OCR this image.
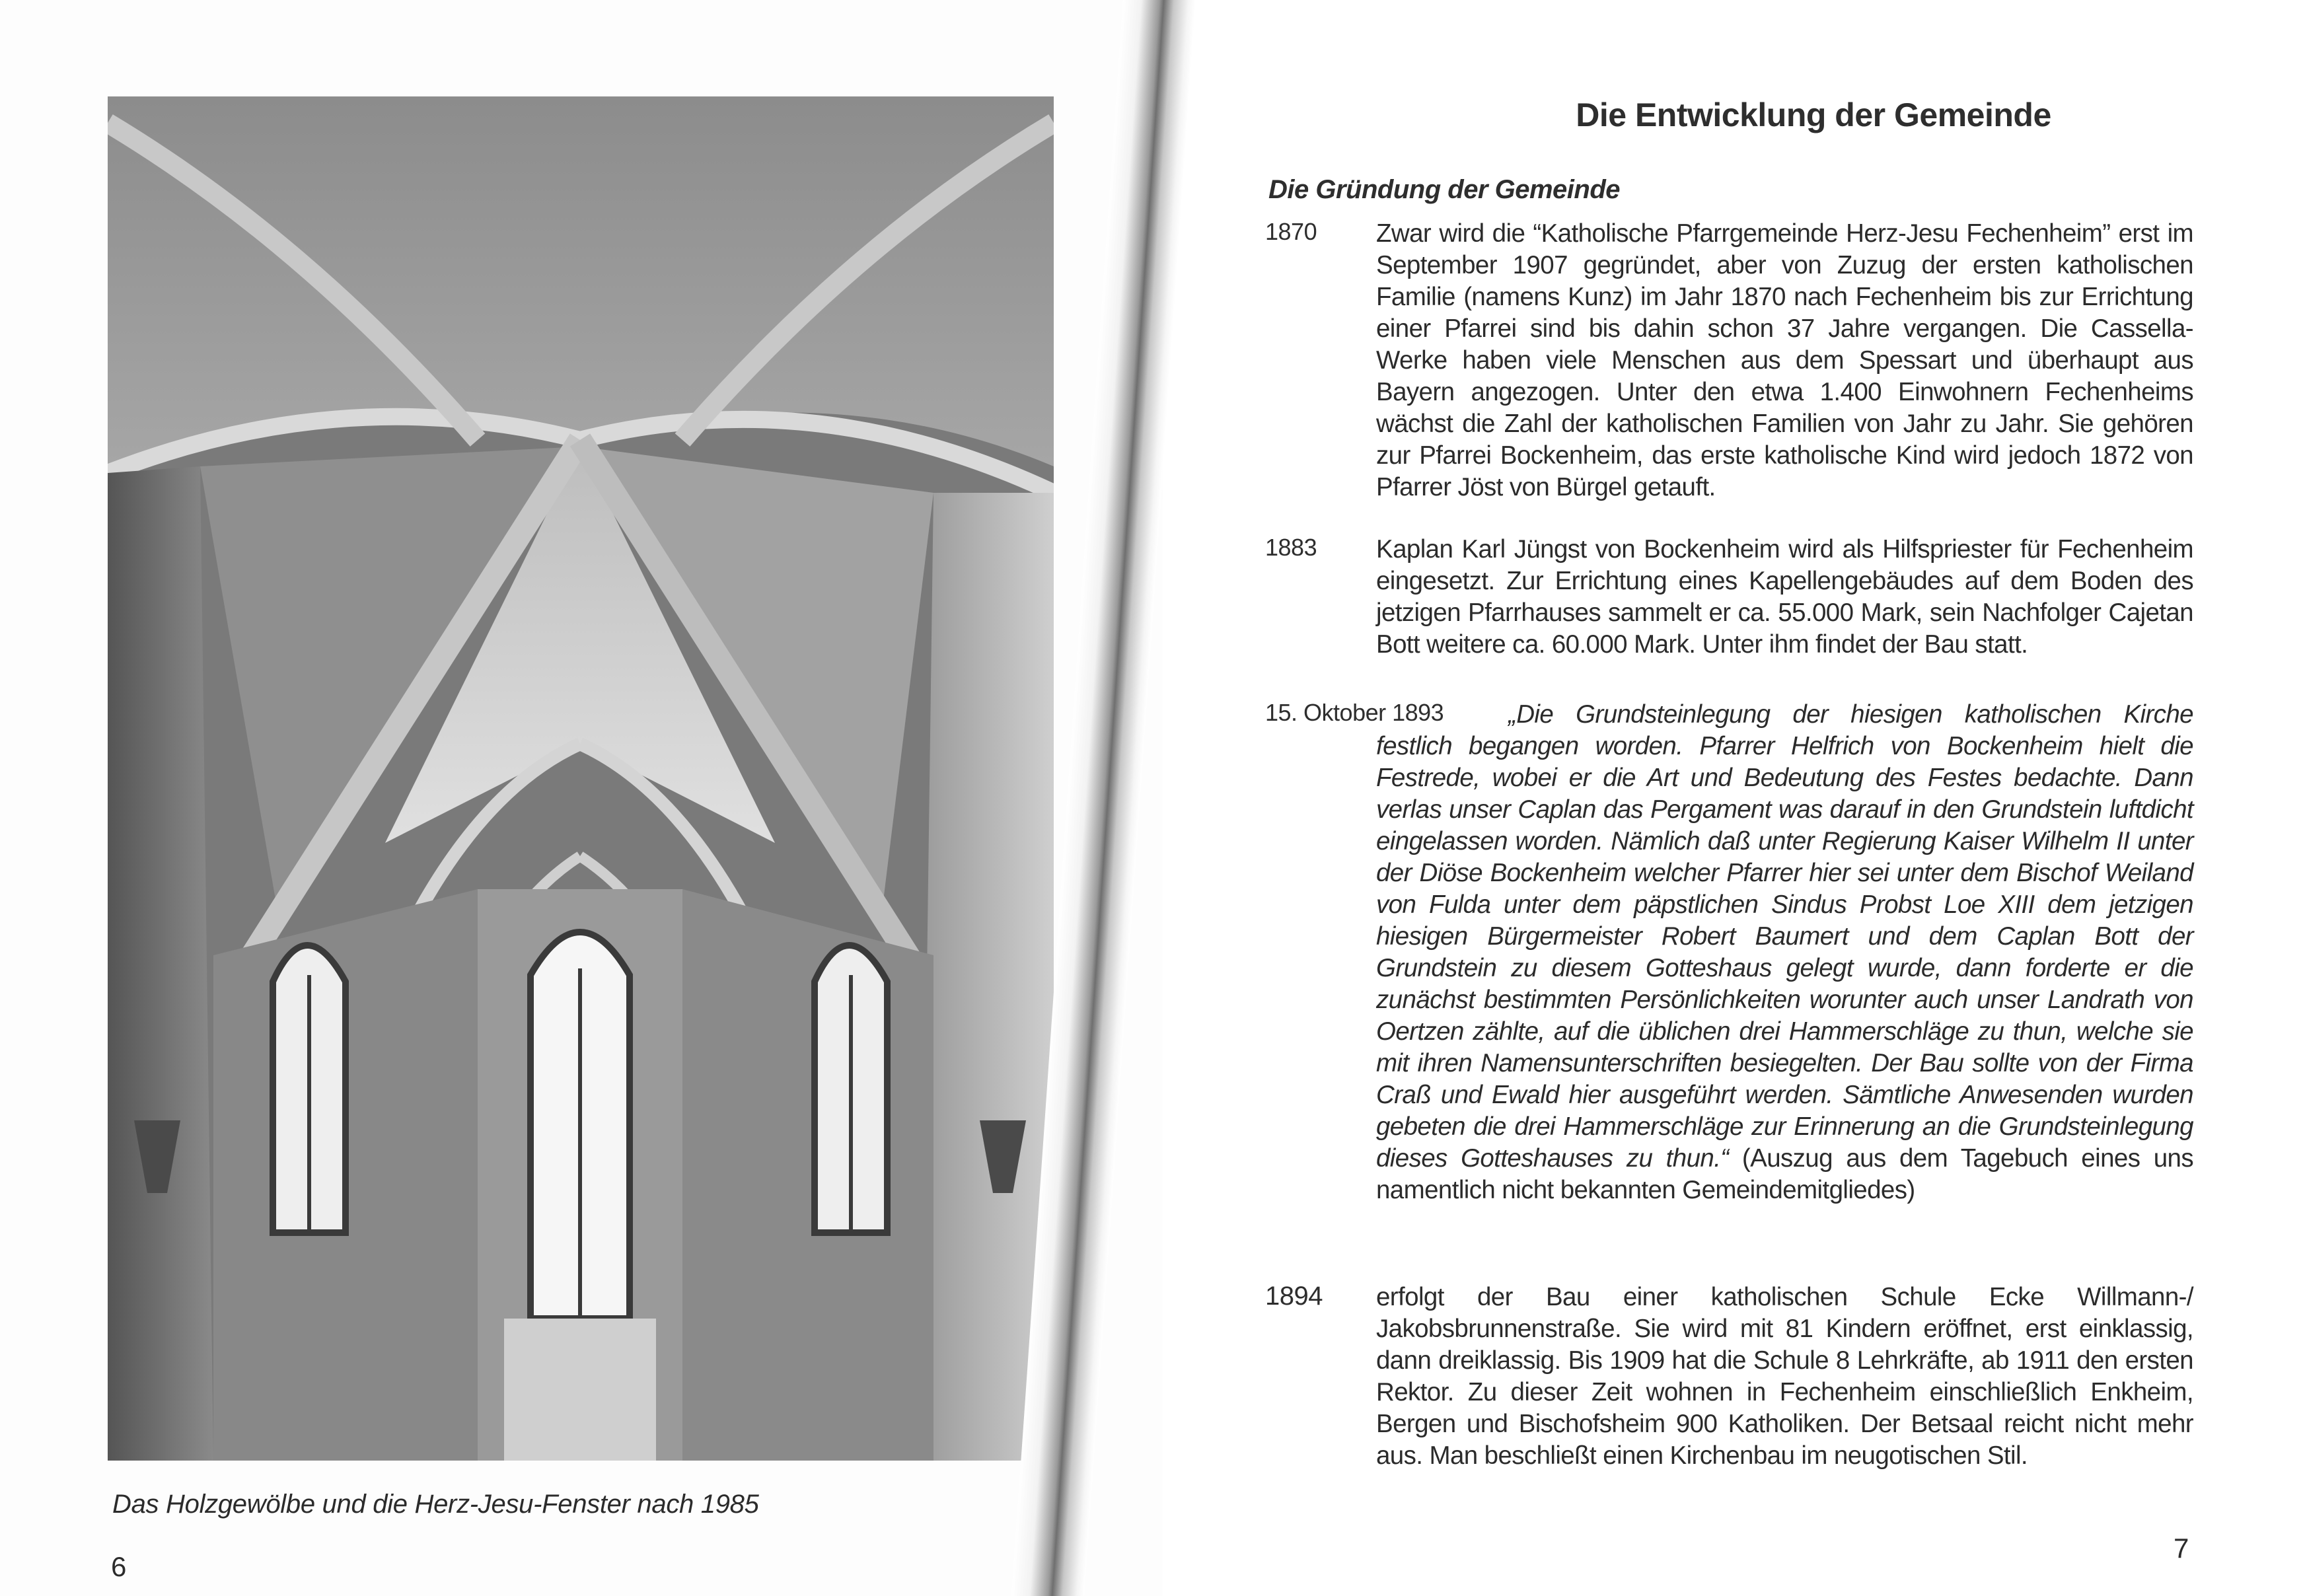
Das Holzgewölbe und die Herz-Jesu-Fenster nach 1985
6
Die Entwicklung der Gemeinde
Die Gründung der Gemeinde
1870 Zwar wird die “Katholische Pfarrgemeinde Herz-Jesu Fechenheim” erst im September 1907 gegründet, aber von Zuzug der ersten katholischen Familie (namens Kunz) im Jahr 1870 nach Fechenheim bis zur Errichtung einer Pfarrei sind bis dahin schon 37 Jahre vergangen. Die Cassella-Werke haben viele Menschen aus dem Spessart und überhaupt aus Bayern angezogen. Unter den etwa 1.400 Einwohnern Fechenheims wächst die Zahl der katholischen Familien von Jahr zu Jahr. Sie gehören zur Pfarrei Bockenheim, das erste katholische Kind wird jedoch 1872 von Pfarrer Jöst von Bürgel getauft.
1883 Kaplan Karl Jüngst von Bockenheim wird als Hilfspriester für Fechenheim eingesetzt. Zur Errichtung eines Kapellengebäudes auf dem Boden des jetzigen Pfarrhauses sammelt er ca. 55.000 Mark, sein Nachfolger Cajetan Bott weitere ca. 60.000 Mark. Unter ihm findet der Bau statt.
15. Oktober 1893	„Die Grundsteinlegung der hiesigen katholischen Kirche festlich begangen worden. Pfarrer Helfrich von Bockenheim hielt die Festrede, wobei er die Art und Bedeutung des Festes bedachte. Dann verlas unser Caplan das Pergament was darauf in den Grundstein luftdicht eingelassen worden. Nämlich daß unter Regierung Kaiser Wilhelm II unter der Diöse Bockenheim welcher Pfarrer hier sei unter dem Bischof Weiland von Fulda unter dem päpstlichen Sindus Probst Loe XIII dem jetzigen hiesigen Bürgermeister Robert Baumert und dem Caplan Bott der Grundstein zu diesem Gotteshaus gelegt wurde, dann forderte er die zunächst bestimmten Persönlichkeiten worunter auch unser Landrath von Oertzen zählte, auf die üblichen drei Hammerschläge zu thun, welche sie mit ihren Namensunterschriften besiegelten. Der Bau sollte von der Firma Craß und Ewald hier ausgeführt werden. Sämtliche Anwesenden wurden gebeten die drei Hammerschläge zur Erinnerung an die Grundsteinlegung dieses Gotteshauses zu thun.“ (Auszug aus dem Tagebuch eines uns namentlich nicht bekannten Gemeindemitgliedes)
1894 erfolgt der Bau einer katholischen Schule Ecke Willmann-/ Jakobsbrunnenstraße. Sie wird mit 81 Kindern eröffnet, erst einklassig, dann dreiklassig. Bis 1909 hat die Schule 8 Lehrkräfte, ab 1911 den ersten Rektor. Zu dieser Zeit wohnen in Fechenheim einschließlich Enkheim, Bergen und Bischofsheim 900 Katholiken. Der Betsaal reicht nicht mehr aus. Man beschließt einen Kirchenbau im neugotischen Stil.
7
